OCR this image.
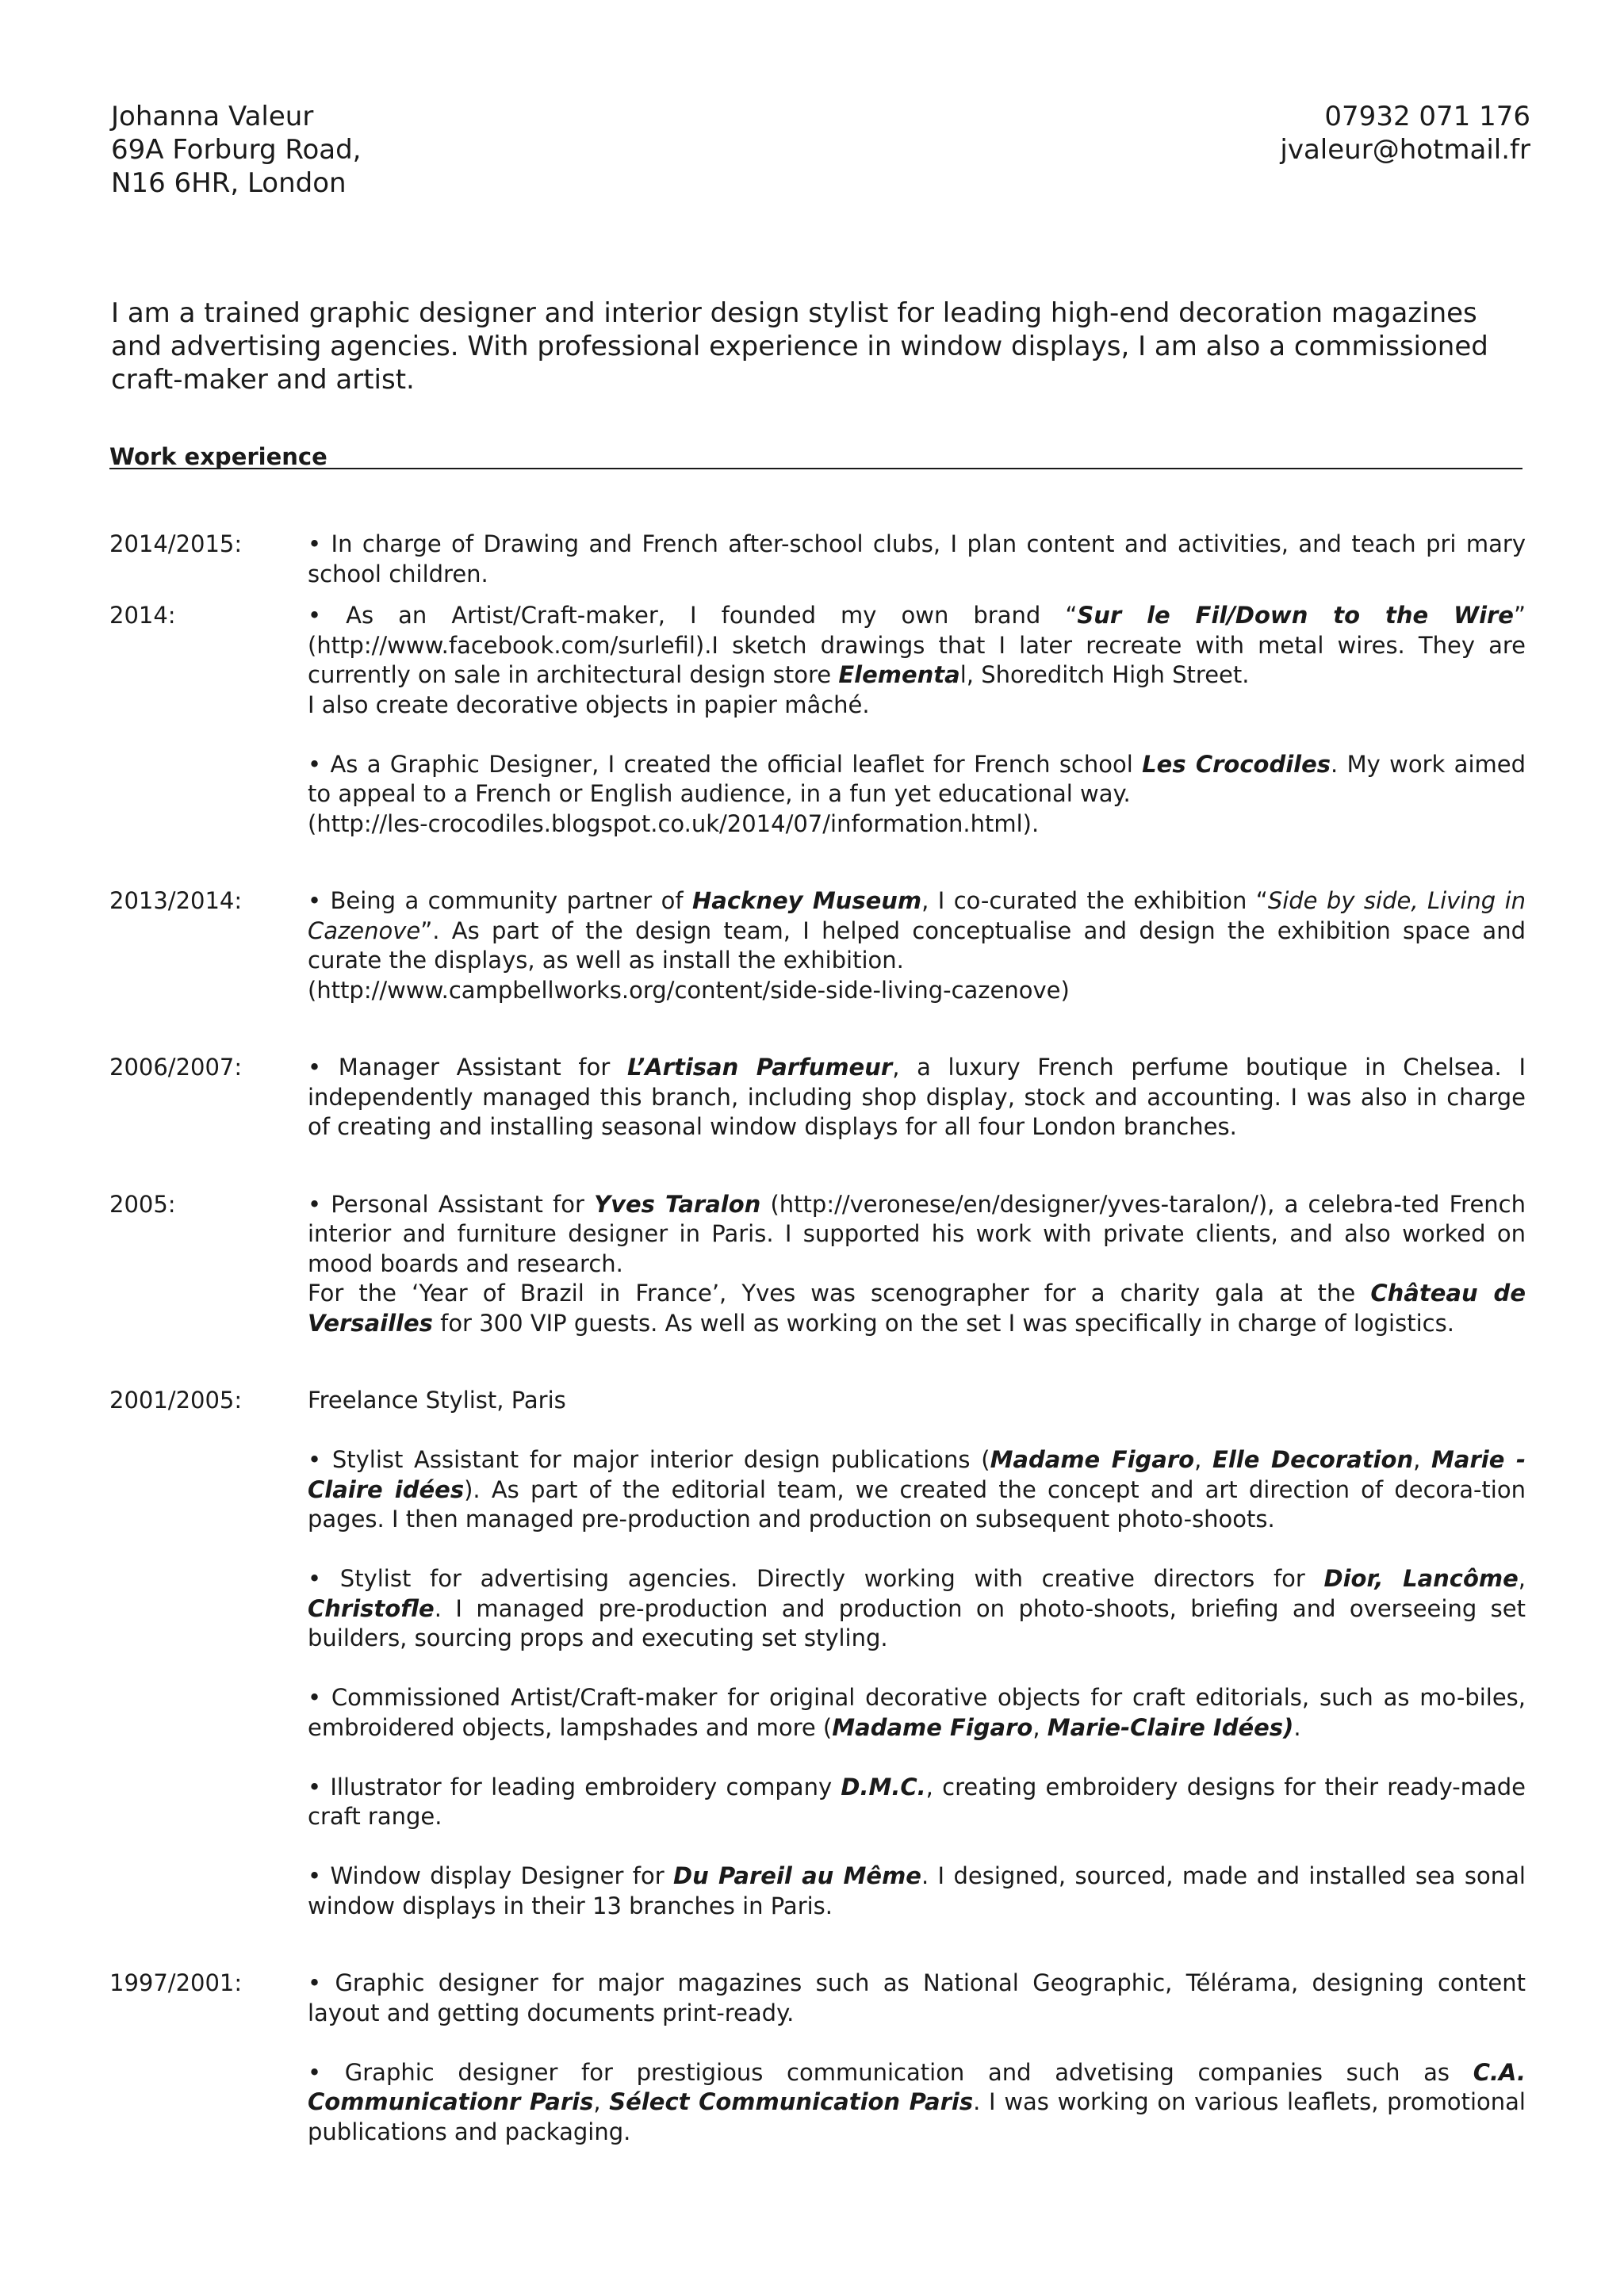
Johanna Valeur
69A Forburg Road,
N16 6HR, London
07932 071 176
jvaleur@hotmail.fr
I am a trained graphic designer and interior design stylist for leading high-end decoration magazines and advertising agencies. With professional experience in window displays, I am also a commissioned craft-maker and artist.
Work experience
2014/2015:	• In charge of Drawing and French after-school clubs, I plan content and activities, and teach pri mary school children.
2014:	• As an Artist/Craft-maker, I founded my own brand “Sur le Fil/Down to the Wire” (http://www.facebook.com/surlefil).I sketch drawings that I later recreate with metal wires. They are currently on sale in architectural design store Elemental, Shoreditch High Street.
I also create decorative objects in papier mâché.
• As a Graphic Designer, I created the official leaflet for French school Les Crocodiles. My work aimed to appeal to a French or English audience, in a fun yet educational way.
(http://les-crocodiles.blogspot.co.uk/2014/07/information.html).
2013/2014:	• Being a community partner of Hackney Museum, I co-curated the exhibition “Side by side, Living in Cazenove”. As part of the design team, I helped conceptualise and design the exhibition space and curate the displays, as well as install the exhibition.
(http://www.campbellworks.org/content/side-side-living-cazenove)
2006/2007:	• Manager Assistant for L’Artisan Parfumeur, a luxury French perfume boutique in Chelsea. I independently managed this branch, including shop display, stock and accounting. I was also in charge of creating and installing seasonal window displays for all four London branches.
2005:	• Personal Assistant for Yves Taralon (http://veronese/en/designer/yves-taralon/), a celebra-ted French interior and furniture designer in Paris. I supported his work with private clients, and also worked on mood boards and research.
For the ‘Year of Brazil in France’, Yves was scenographer for a charity gala at the Château de Versailles for 300 VIP guests. As well as working on the set I was specifically in charge of logistics.
2001/2005:	Freelance Stylist, Paris
• Stylist Assistant for major interior design publications (Madame Figaro, Elle Decoration, Marie -Claire idées). As part of the editorial team, we created the concept and art direction of decora-tion pages. I then managed pre-production and production on subsequent photo-shoots.
• Stylist for advertising agencies. Directly working with creative directors for Dior, Lancôme, Christofle. I managed pre-production and production on photo-shoots, briefing and overseeing set builders, sourcing props and executing set styling.
• Commissioned Artist/Craft-maker for original decorative objects for craft editorials, such as mo-biles, embroidered objects, lampshades and more (Madame Figaro, Marie-Claire Idées).
• Illustrator for leading embroidery company D.M.C., creating embroidery designs for their ready-made craft range.
• Window display Designer for Du Pareil au Même. I designed, sourced, made and installed sea sonal window displays in their 13 branches in Paris.
1997/2001:	• Graphic designer for major magazines such as National Geographic, Télérama, designing content layout and getting documents print-ready.
• Graphic designer for prestigious communication and advetising companies such as C.A. Communicationr Paris, Sélect Communication Paris. I was working on various leaflets, promotional publications and packaging.
